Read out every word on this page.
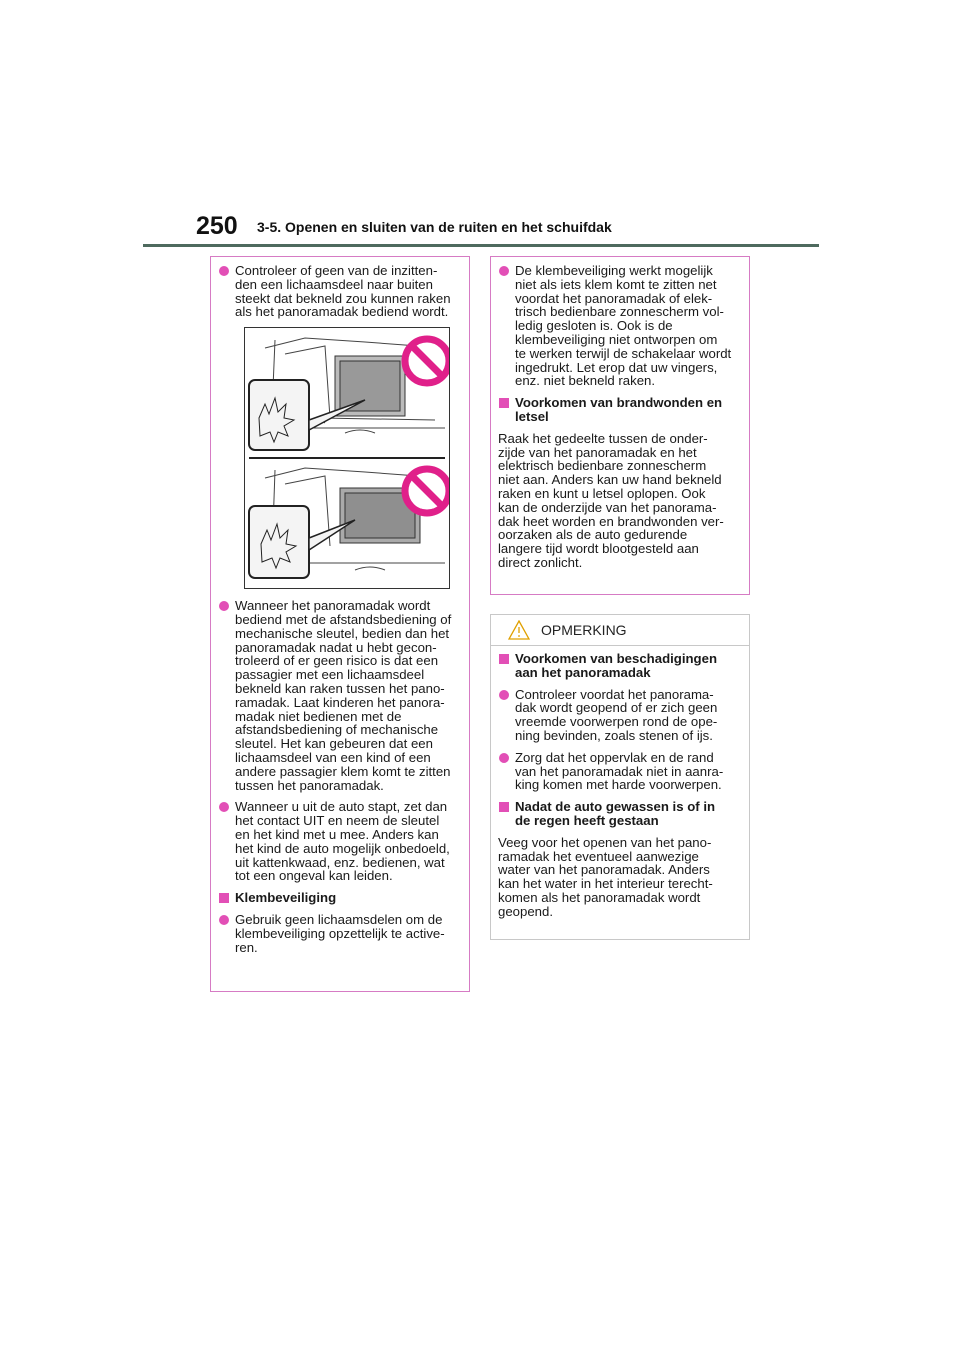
250 3-5. Openen en sluiten van de ruiten en het schuifdak
Controleer of geen van de inzitten-
den een lichaamsdeel naar buiten
steekt dat bekneld zou kunnen raken
als het panoramadak bediend wordt.
Wanneer het panoramadak wordt
bediend met de afstandsbediening of
mechanische sleutel, bedien dan het
panoramadak nadat u hebt gecon-
troleerd of er geen risico is dat een
passagier met een lichaamsdeel
bekneld kan raken tussen het pano-
ramadak. Laat kinderen het panora-
madak niet bedienen met de
afstandsbediening of mechanische
sleutel. Het kan gebeuren dat een
lichaamsdeel van een kind of een
andere passagier klem komt te zitten
tussen het panoramadak.
Wanneer u uit de auto stapt, zet dan
het contact UIT en neem de sleutel
en het kind met u mee. Anders kan
het kind de auto mogelijk onbedoeld,
uit kattenkwaad, enz. bedienen, wat
tot een ongeval kan leiden.
Klembeveiliging
Gebruik geen lichaamsdelen om de
klembeveiliging opzettelijk te active-
ren.
De klembeveiliging werkt mogelijk
niet als iets klem komt te zitten net
voordat het panoramadak of elek-
trisch bedienbare zonnescherm vol-
ledig gesloten is. Ook is de
klembeveiliging niet ontworpen om
te werken terwijl de schakelaar wordt
ingedrukt. Let erop dat uw vingers,
enz. niet bekneld raken.
Voorkomen van brandwonden en
letsel
Raak het gedeelte tussen de onder-
zijde van het panoramadak en het
elektrisch bedienbare zonnescherm
niet aan. Anders kan uw hand bekneld
raken en kunt u letsel oplopen. Ook
kan de onderzijde van het panorama-
dak heet worden en brandwonden ver-
oorzaken als de auto gedurende
langere tijd wordt blootgesteld aan
direct zonlicht.
OPMERKING
Voorkomen van beschadigingen
aan het panoramadak
Controleer voordat het panorama-
dak wordt geopend of er zich geen
vreemde voorwerpen rond de ope-
ning bevinden, zoals stenen of ijs.
Zorg dat het oppervlak en de rand
van het panoramadak niet in aanra-
king komen met harde voorwerpen.
Nadat de auto gewassen is of in
de regen heeft gestaan
Veeg voor het openen van het pano-
ramadak het eventueel aanwezige
water van het panoramadak. Anders
kan het water in het interieur terecht-
komen als het panoramadak wordt
geopend.
